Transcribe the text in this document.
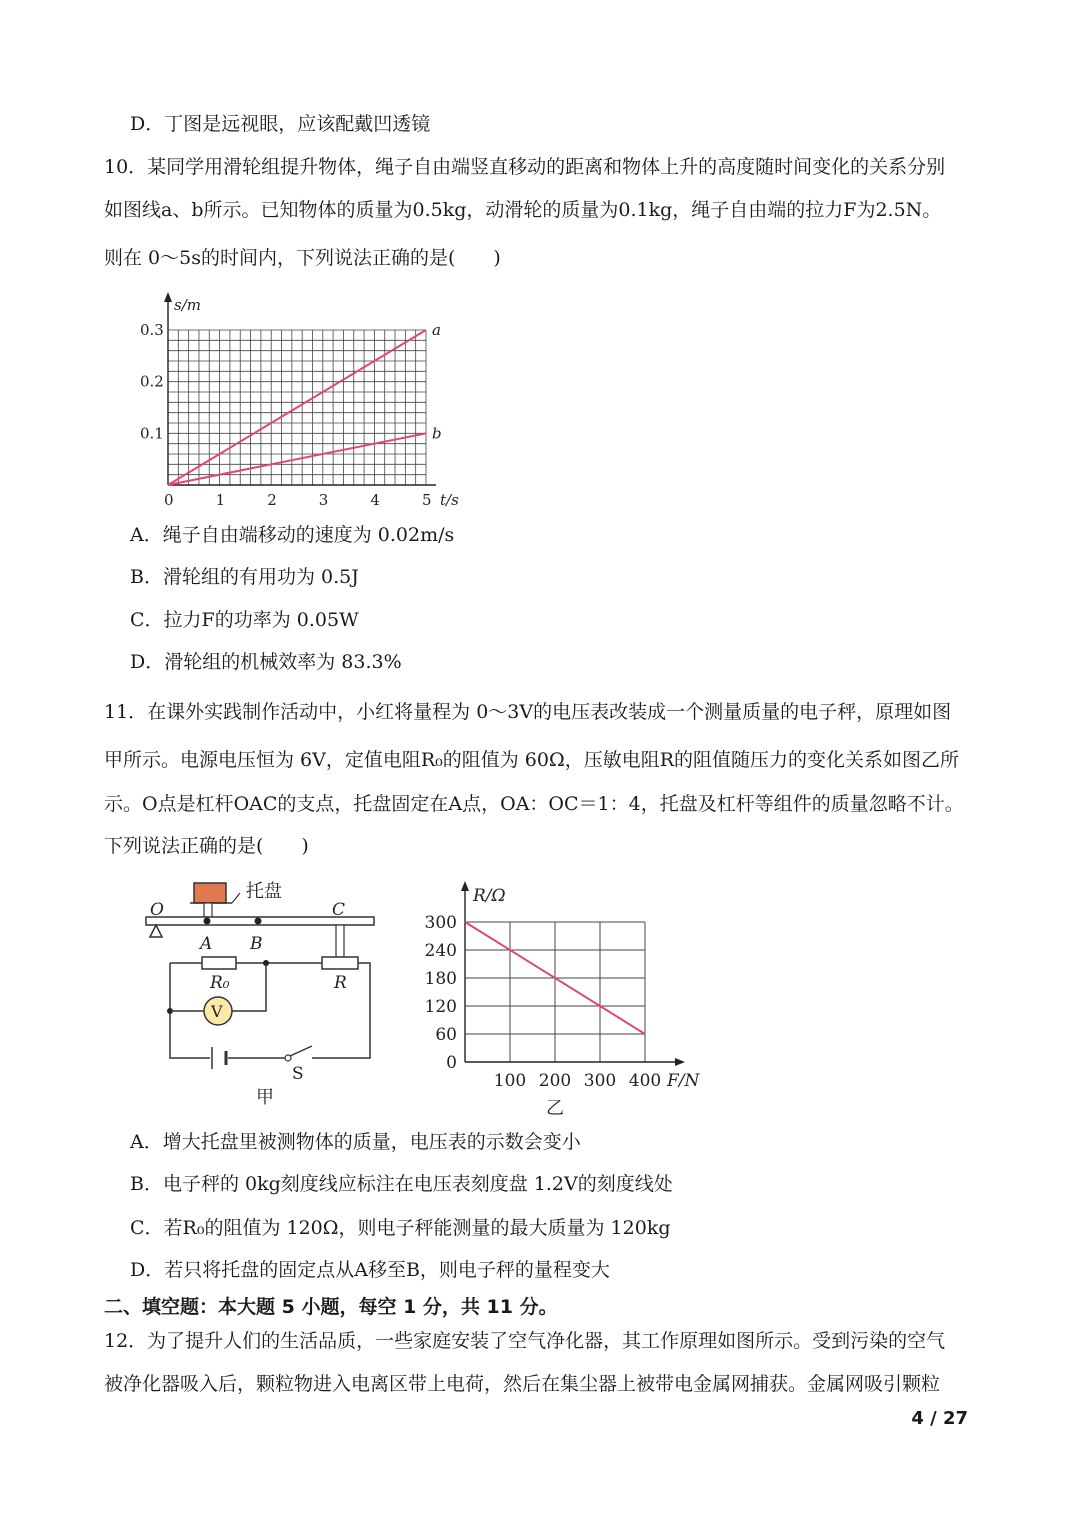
D．丁图是远视眼，应该配戴凹透镜
10．某同学用滑轮组提升物体，绳子自由端竖直移动的距离和物体上升的高度随时间变化的关系分别
如图线a、b所示。已知物体的质量为0.5kg，动滑轮的质量为0.1kg，绳子自由端的拉力F为2.5N。
则在 0～5s的时间内，下列说法正确的是(　　)
0	1	2	3	4	5
0.1
0.2
0.3
t/s
s/m
a
b
A．绳子自由端移动的速度为 0.02m/s
B．滑轮组的有用功为 0.5J
C．拉力F的功率为 0.05W
D．滑轮组的机械效率为 83.3%
11．在课外实践制作活动中，小红将量程为 0～3V的电压表改装成一个测量质量的电子秤，原理如图
甲所示。电源电压恒为 6V，定值电阻R₀的阻值为 60Ω，压敏电阻R的阻值随压力的变化关系如图乙所
示。O点是杠杆OAC的支点，托盘固定在A点，OA：OC＝1：4，托盘及杠杆等组件的质量忽略不计。
下列说法正确的是(　　)
托盘
O
A B
C
R₀	R
V
S
甲
0
60
120
180
240
300
100 200 300 400 F/N
R/Ω
乙
A．增大托盘里被测物体的质量，电压表的示数会变小
B．电子秤的 0kg刻度线应标注在电压表刻度盘 1.2V的刻度线处
C．若R₀的阻值为 120Ω，则电子秤能测量的最大质量为 120kg
D．若只将托盘的固定点从A移至B，则电子秤的量程变大
二、填空题：本大题 5 小题，每空 1 分，共 11 分。
12．为了提升人们的生活品质，一些家庭安装了空气净化器，其工作原理如图所示。受到污染的空气
被净化器吸入后，颗粒物进入电离区带上电荷，然后在集尘器上被带电金属网捕获。金属网吸引颗粒
4 / 27
